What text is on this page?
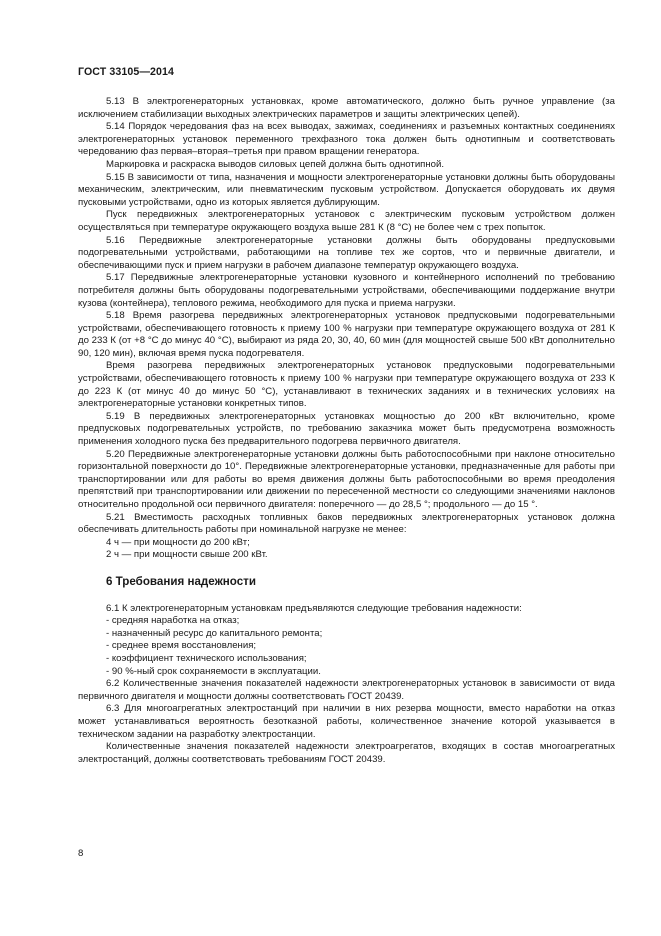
ГОСТ 33105—2014

5.13 В электрогенераторных установках, кроме автоматического, должно быть ручное управление (за исключением стабилизации выходных электрических параметров и защиты электрических цепей).

5.14 Порядок чередования фаз на всех выводах, зажимах, соединениях и разъемных контактных соединениях электрогенераторных установок переменного трехфазного тока должен быть однотипным и соответствовать чередованию фаз первая–вторая–третья при правом вращении генератора.

Маркировка и раскраска выводов силовых цепей должна быть однотипной.

5.15 В зависимости от типа, назначения и мощности электрогенераторные установки должны быть оборудованы механическим, электрическим, или пневматическим пусковым устройством. Допускается оборудовать их двумя пусковыми устройствами, одно из которых является дублирующим.

Пуск передвижных электрогенераторных установок с электрическим пусковым устройством должен осуществляться при температуре окружающего воздуха выше 281 К (8 °С) не более чем с трех попыток.

5.16 Передвижные электрогенераторные установки должны быть оборудованы предпусковыми подогревательными устройствами, работающими на топливе тех же сортов, что и первичные двигатели, и обеспечивающими пуск и прием нагрузки в рабочем диапазоне температур окружающего воздуха.

5.17 Передвижные электрогенераторные установки кузовного и контейнерного исполнений по требованию потребителя должны быть оборудованы подогревательными устройствами, обеспечивающими поддержание внутри кузова (контейнера), теплового режима, необходимого для пуска и приема нагрузки.

5.18 Время разогрева передвижных электрогенераторных установок предпусковыми подогревательными устройствами, обеспечивающего готовность к приему 100 % нагрузки при температуре окружающего воздуха от 281 К до 233 К (от +8 °С до минус 40 °С), выбирают из ряда 20, 30, 40, 60 мин (для мощностей свыше 500 кВт дополнительно 90, 120 мин), включая время пуска подогревателя.

Время разогрева передвижных электрогенераторных установок предпусковыми подогревательными устройствами, обеспечивающего готовность к приему 100 % нагрузки при температуре окружающего воздуха от 233 К до 223 К (от минус 40 до минус 50 °С), устанавливают в технических заданиях и в технических условиях на электрогенераторные установки конкретных типов.

5.19 В передвижных электрогенераторных установках мощностью до 200 кВт включительно, кроме предпусковых подогревательных устройств, по требованию заказчика может быть предусмотрена возможность применения холодного пуска без предварительного подогрева первичного двигателя.

5.20 Передвижные электрогенераторные установки должны быть работоспособными при наклоне относительно горизонтальной поверхности до 10°. Передвижные электрогенераторные установки, предназначенные для работы при транспортировании или для работы во время движения должны быть работоспособными во время преодоления препятствий при транспортировании или движении по пересеченной местности со следующими значениями наклонов относительно продольной оси первичного двигателя: поперечного — до 28,5 °; продольного — до 15 °.

5.21 Вместимость расходных топливных баков передвижных электрогенераторных установок должна обеспечивать длительность работы при номинальной нагрузке не менее:

4 ч — при мощности до 200 кВт;

2 ч — при мощности свыше 200 кВт.

6 Требования надежности

6.1 К электрогенераторным установкам предъявляются следующие требования надежности:

- средняя наработка на отказ;

- назначенный ресурс до капитального ремонта;

- среднее время восстановления;

- коэффициент технического использования;

- 90 %-ный срок сохраняемости в эксплуатации.

6.2 Количественные значения показателей надежности электрогенераторных установок в зависимости от вида первичного двигателя и мощности должны соответствовать ГОСТ 20439.

6.3 Для многоагрегатных электростанций при наличии в них резерва мощности, вместо наработки на отказ может устанавливаться вероятность безотказной работы, количественное значение которой указывается в техническом задании на разработку электростанции.

Количественные значения показателей надежности электроагрегатов, входящих в состав многоагрегатных электростанций, должны соответствовать требованиям ГОСТ 20439.

8
